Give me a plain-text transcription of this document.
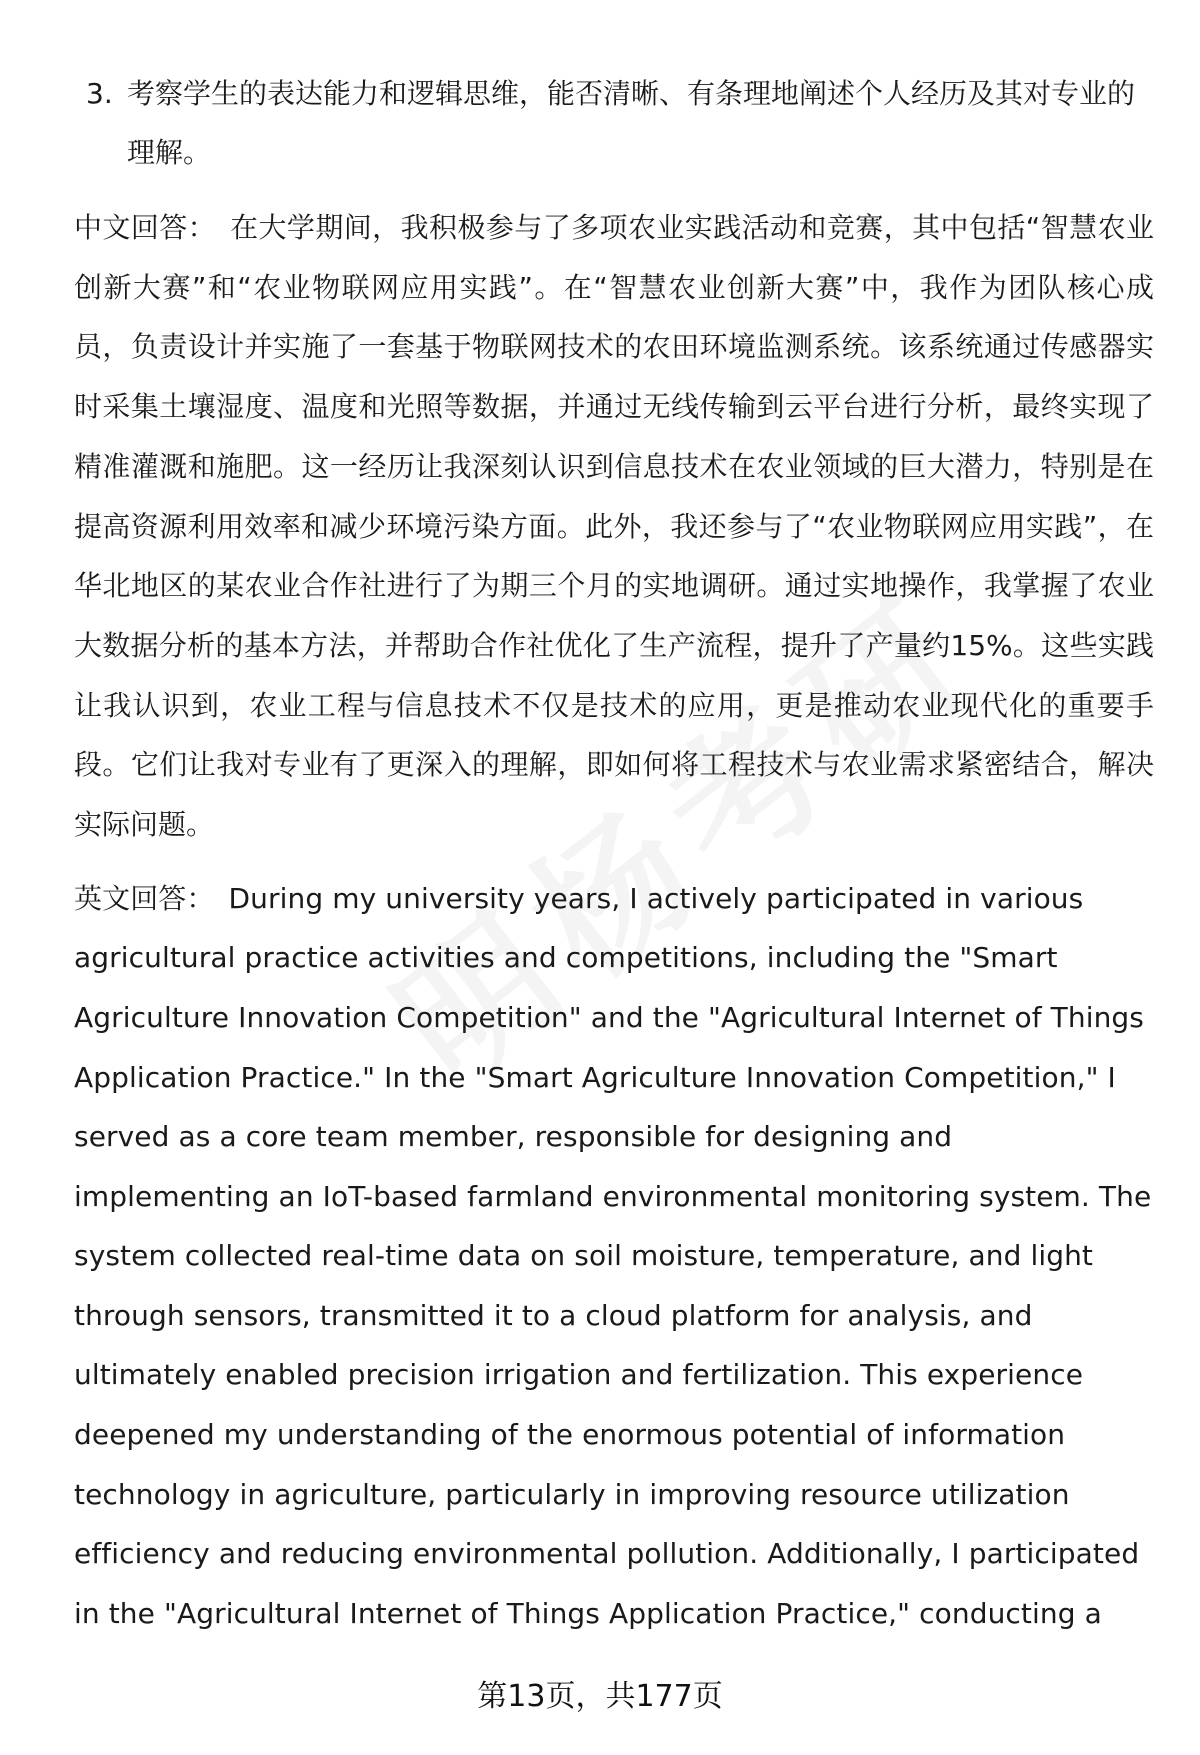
3. 考察学生的表达能力和逻辑思维，能否清晰、有条理地阐述个人经历及其对专业的理解。

中文回答： 在大学期间，我积极参与了多项农业实践活动和竞赛，其中包括“智慧农业创新大赛”和“农业物联网应用实践”。在“智慧农业创新大赛”中，我作为团队核心成员，负责设计并实施了一套基于物联网技术的农田环境监测系统。该系统通过传感器实时采集土壤湿度、温度和光照等数据，并通过无线传输到云平台进行分析，最终实现了精准灌溉和施肥。这一经历让我深刻认识到信息技术在农业领域的巨大潜力，特别是在提高资源利用效率和减少环境污染方面。此外，我还参与了“农业物联网应用实践”，在华北地区的某农业合作社进行了为期三个月的实地调研。通过实地操作，我掌握了农业大数据分析的基本方法，并帮助合作社优化了生产流程，提升了产量约15%。这些实践让我认识到，农业工程与信息技术不仅是技术的应用，更是推动农业现代化的重要手段。它们让我对专业有了更深入的理解，即如何将工程技术与农业需求紧密结合，解决实际问题。

英文回答： During my university years, I actively participated in various agricultural practice activities and competitions, including the "Smart Agriculture Innovation Competition" and the "Agricultural Internet of Things Application Practice." In the "Smart Agriculture Innovation Competition," I served as a core team member, responsible for designing and implementing an IoT-based farmland environmental monitoring system. The system collected real-time data on soil moisture, temperature, and light through sensors, transmitted it to a cloud platform for analysis, and ultimately enabled precision irrigation and fertilization. This experience deepened my understanding of the enormous potential of information technology in agriculture, particularly in improving resource utilization efficiency and reducing environmental pollution. Additionally, I participated in the "Agricultural Internet of Things Application Practice," conducting a

第13页，共177页
